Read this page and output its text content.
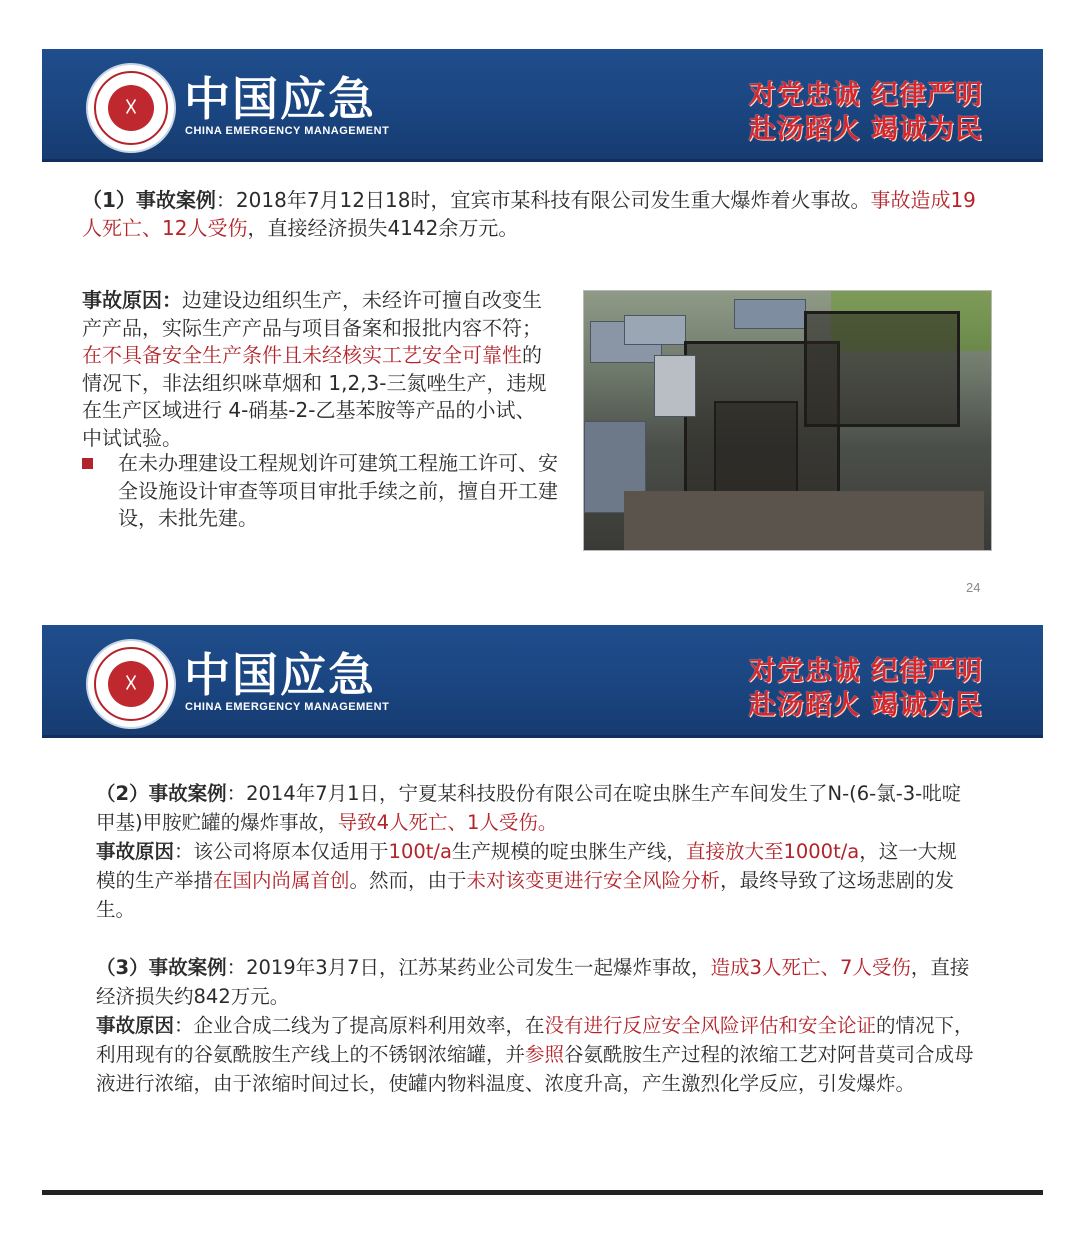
☓	中国应急
CHINA EMERGENCY MANAGEMENT
对党忠诚 纪律严明
赴汤蹈火 竭诚为民
（1）事故案例：2018年7月12日18时，宜宾市某科技有限公司发生重大爆炸着火事故。事故造成19人死亡、12人受伤，直接经济损失4142余万元。
事故原因：边建设边组织生产，未经许可擅自改变生产产品，实际生产产品与项目备案和报批内容不符；在不具备安全生产条件且未经核实工艺安全可靠性的情况下，非法组织咪草烟和 1,2,3-三氮唑生产，违规在生产区域进行 4-硝基-2-乙基苯胺等产品的小试、中试试验。
在未办理建设工程规划许可建筑工程施工许可、安全设施设计审查等项目审批手续之前，擅自开工建设，未批先建。
24
☓	中国应急
CHINA EMERGENCY MANAGEMENT
对党忠诚 纪律严明
赴汤蹈火 竭诚为民
（2）事故案例：2014年7月1日，宁夏某科技股份有限公司在啶虫脒生产车间发生了N-(6-氯-3-吡啶甲基)甲胺贮罐的爆炸事故，导致4人死亡、1人受伤。
事故原因：该公司将原本仅适用于100t/a生产规模的啶虫脒生产线，直接放大至1000t/a，这一大规模的生产举措在国内尚属首创。然而，由于未对该变更进行安全风险分析，最终导致了这场悲剧的发生。
（3）事故案例：2019年3月7日，江苏某药业公司发生一起爆炸事故，造成3人死亡、7人受伤，直接经济损失约842万元。
事故原因：企业合成二线为了提高原料利用效率，在没有进行反应安全风险评估和安全论证的情况下，利用现有的谷氨酰胺生产线上的不锈钢浓缩罐，并参照谷氨酰胺生产过程的浓缩工艺对阿昔莫司合成母液进行浓缩，由于浓缩时间过长，使罐内物料温度、浓度升高，产生激烈化学反应，引发爆炸。
